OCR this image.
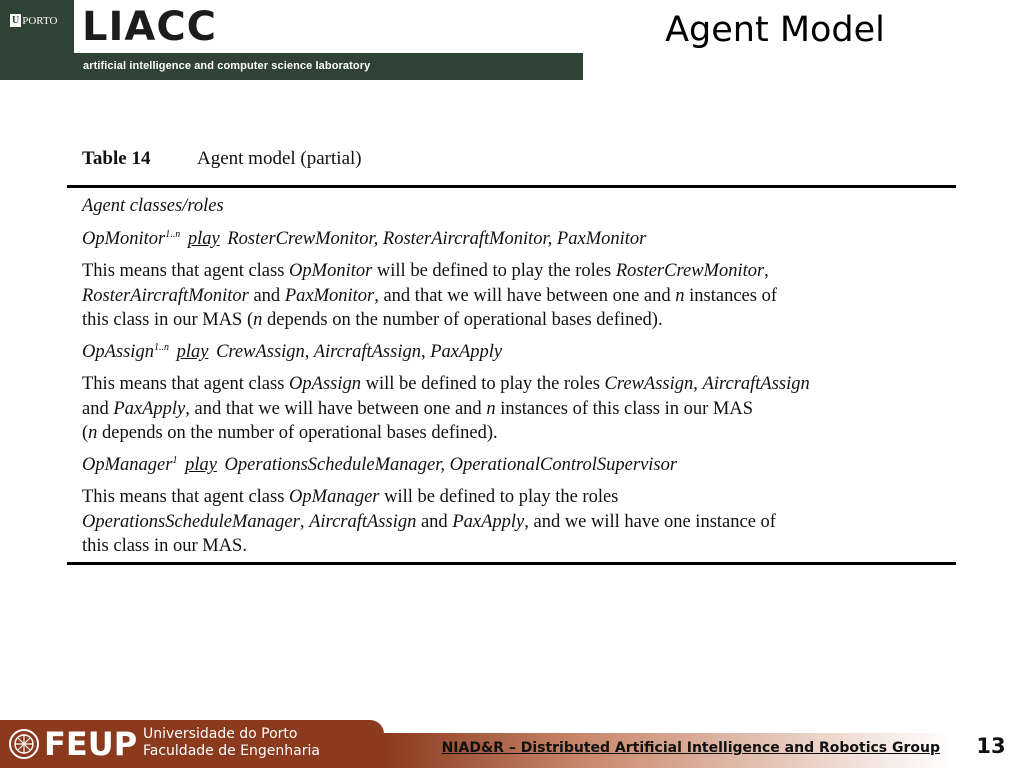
U PORTO LIACC
artificial intelligence and computer science laboratory
Agent Model
Table 14 Agent model (partial)
Agent classes/roles
OpMonitor$^{1..n}$ play RosterCrewMonitor, RosterAircraftMonitor, PaxMonitor
This means that agent class OpMonitor will be defined to play the roles RosterCrewMonitor,
RosterAircraftMonitor and PaxMonitor, and that we will have between one and n instances of
this class in our MAS (n depends on the number of operational bases defined).
OpAssign$^{1..n}$ play CrewAssign, AircraftAssign, PaxApply
This means that agent class OpAssign will be defined to play the roles CrewAssign, AircraftAssign
and PaxApply, and that we will have between one and n instances of this class in our MAS
(n depends on the number of operational bases defined).
OpManager$^1$ play OperationsScheduleManager, OperationalControlSupervisor
This means that agent class OpManager will be defined to play the roles
OperationsScheduleManager, AircraftAssign and PaxApply, and we will have one instance of
this class in our MAS.
FEUP Universidade do Porto
Faculdade de Engenharia	NIAD&R – Distributed Artificial Intelligence and Robotics Group	13
